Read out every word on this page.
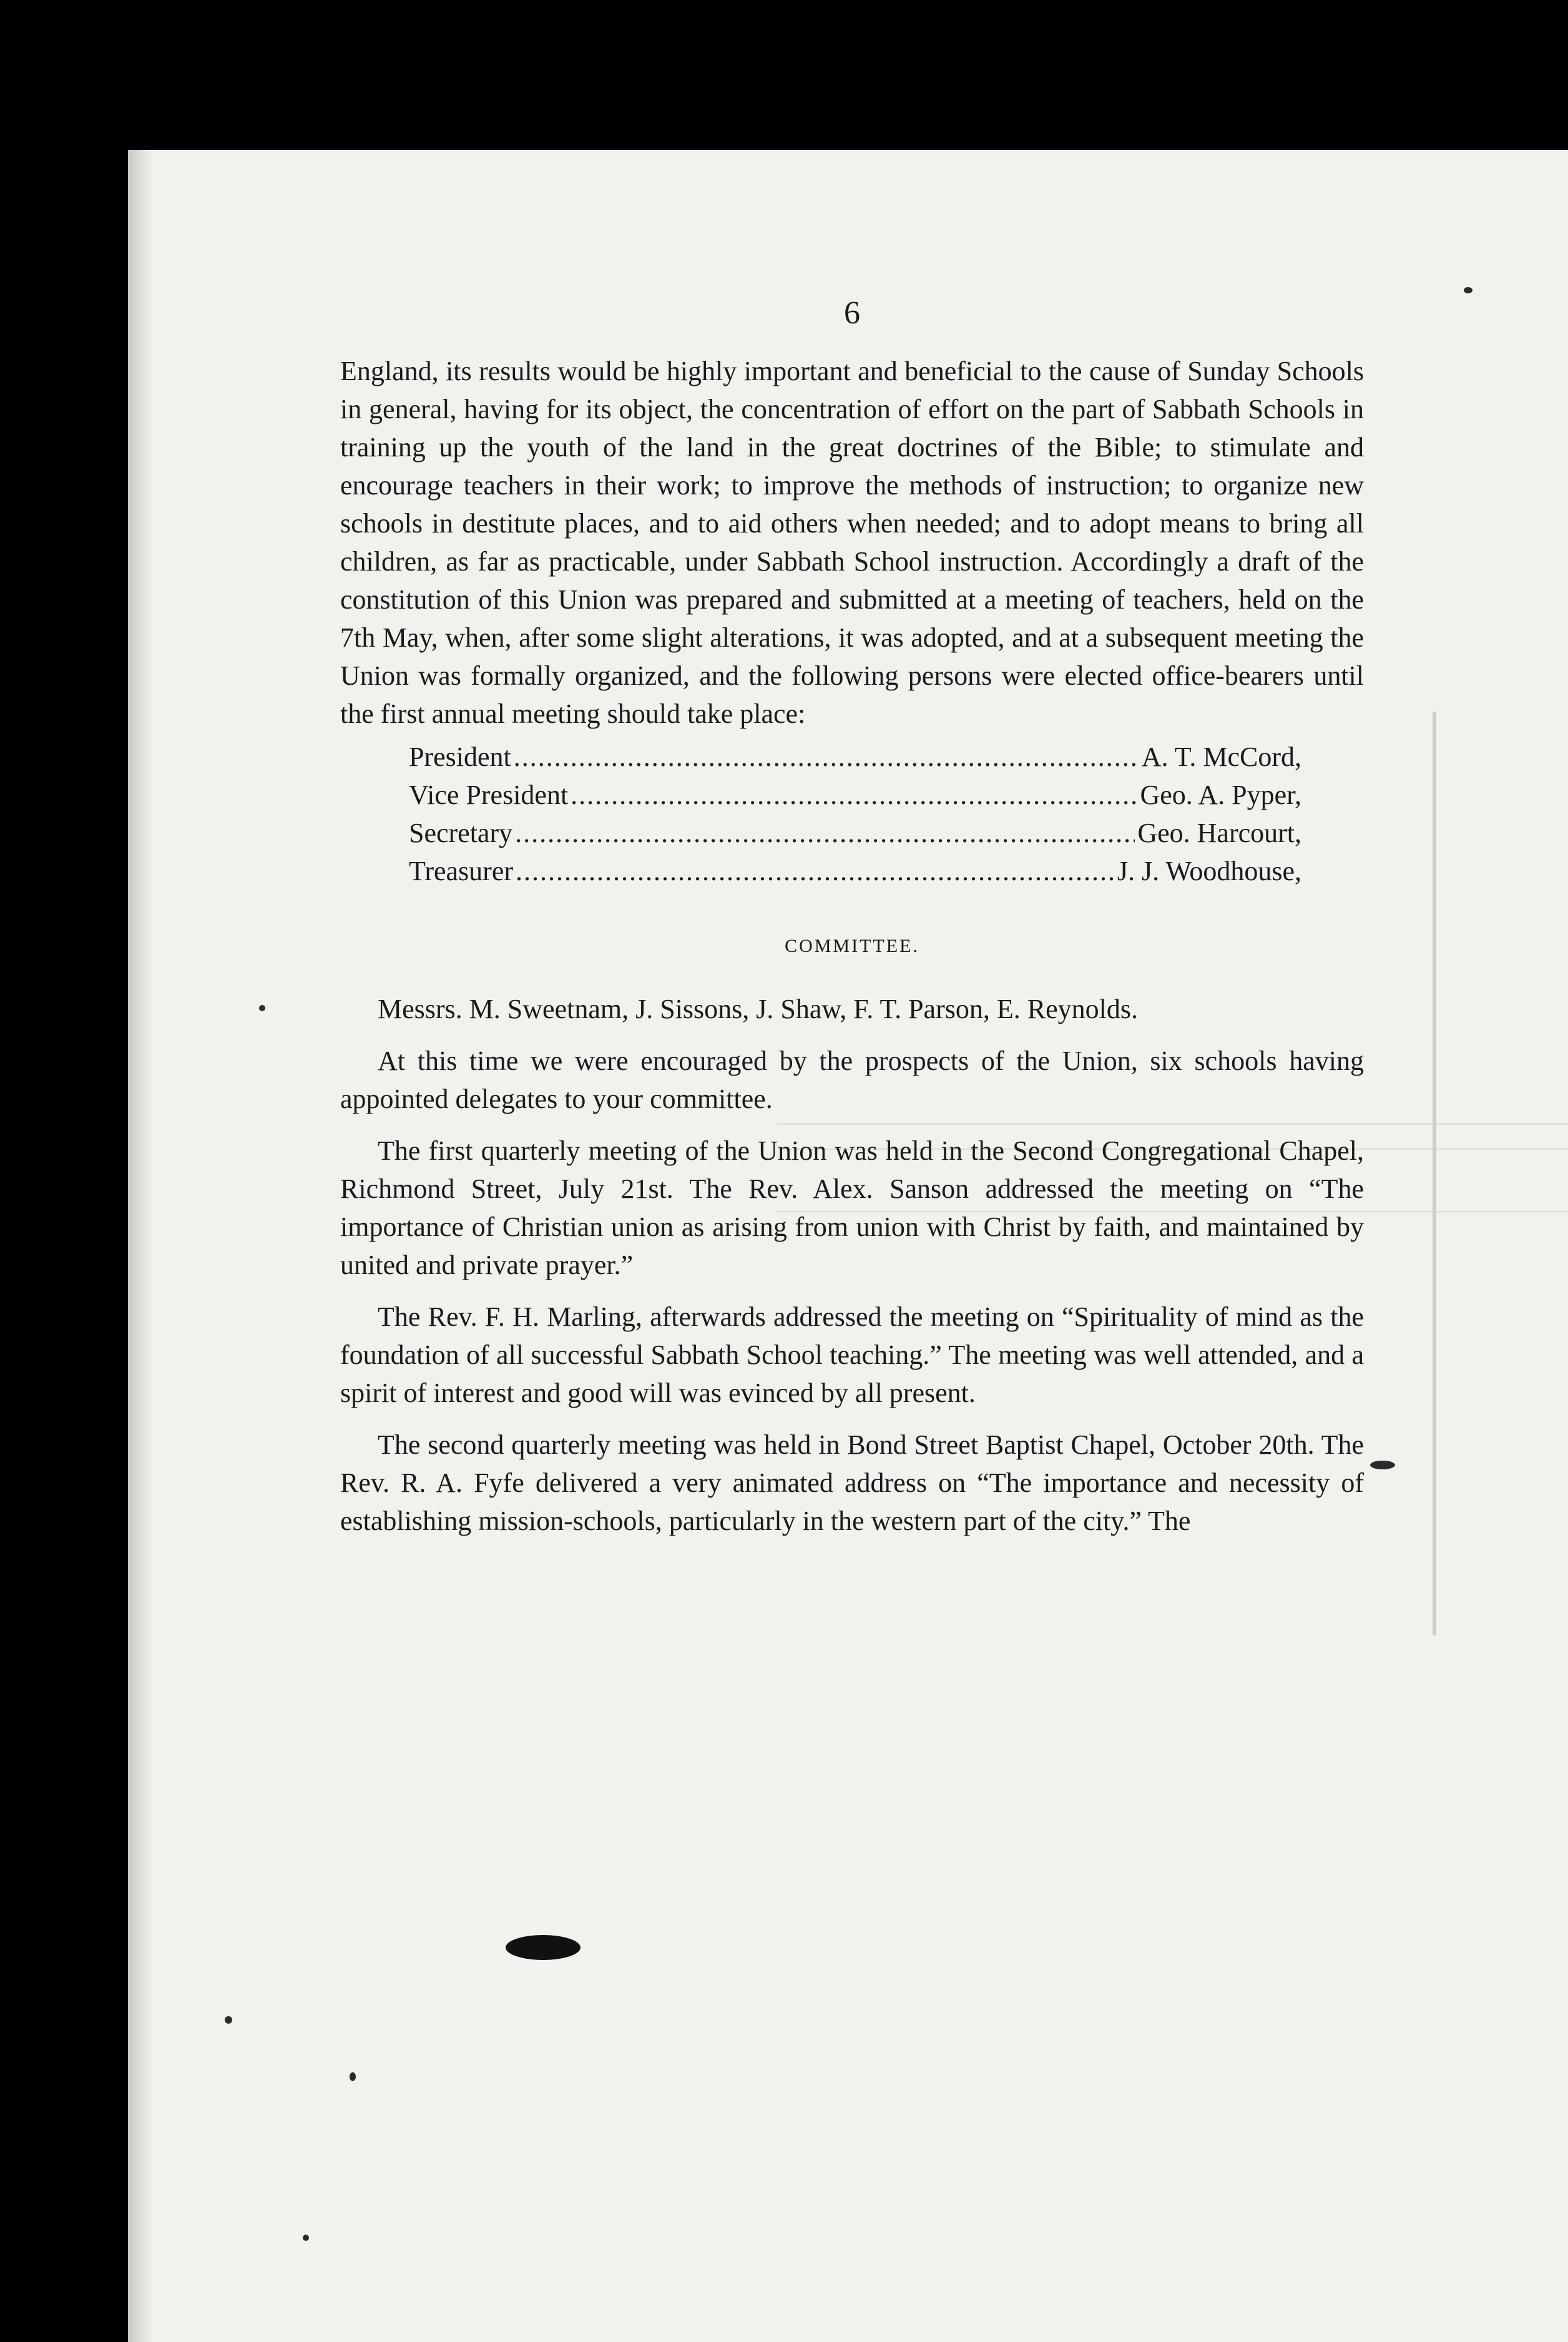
6

England, its results would be highly important and beneficial to the cause of Sunday Schools in general, having for its object, the concentration of effort on the part of Sabbath Schools in training up the youth of the land in the great doctrines of the Bible; to stimulate and encourage teachers in their work; to improve the methods of instruction; to organize new schools in destitute places, and to aid others when needed; and to adopt means to bring all children, as far as practicable, under Sabbath School instruction. Accordingly a draft of the constitution of this Union was prepared and submitted at a meeting of teachers, held on the 7th May, when, after some slight alterations, it was adopted, and at a subsequent meeting the Union was formally organized, and the following persons were elected office-bearers until the first annual meeting should take place:

President .....	A. T. McCord,
Vice President .....	Geo. A. Pyper,
Secretary .....	Geo. Harcourt,
Treasurer .....	J. J. Woodhouse,
COMMITTEE.

Messrs. M. Sweetnam, J. Sissons, J. Shaw, F. T. Parson, E. Reynolds.

At this time we were encouraged by the prospects of the Union, six schools having appointed delegates to your committee.

The first quarterly meeting of the Union was held in the Second Congregational Chapel, Richmond Street, July 21st. The Rev. Alex. Sanson addressed the meeting on “The importance of Christian union as arising from union with Christ by faith, and maintained by united and private prayer.”

The Rev. F. H. Marling, afterwards addressed the meeting on “Spirituality of mind as the foundation of all successful Sabbath School teaching.” The meeting was well attended, and a spirit of interest and good will was evinced by all present.

The second quarterly meeting was held in Bond Street Baptist Chapel, October 20th. The Rev. R. A. Fyfe delivered a very animated address on “The importance and necessity of establishing mission-schools, particularly in the western part of the city.” The
